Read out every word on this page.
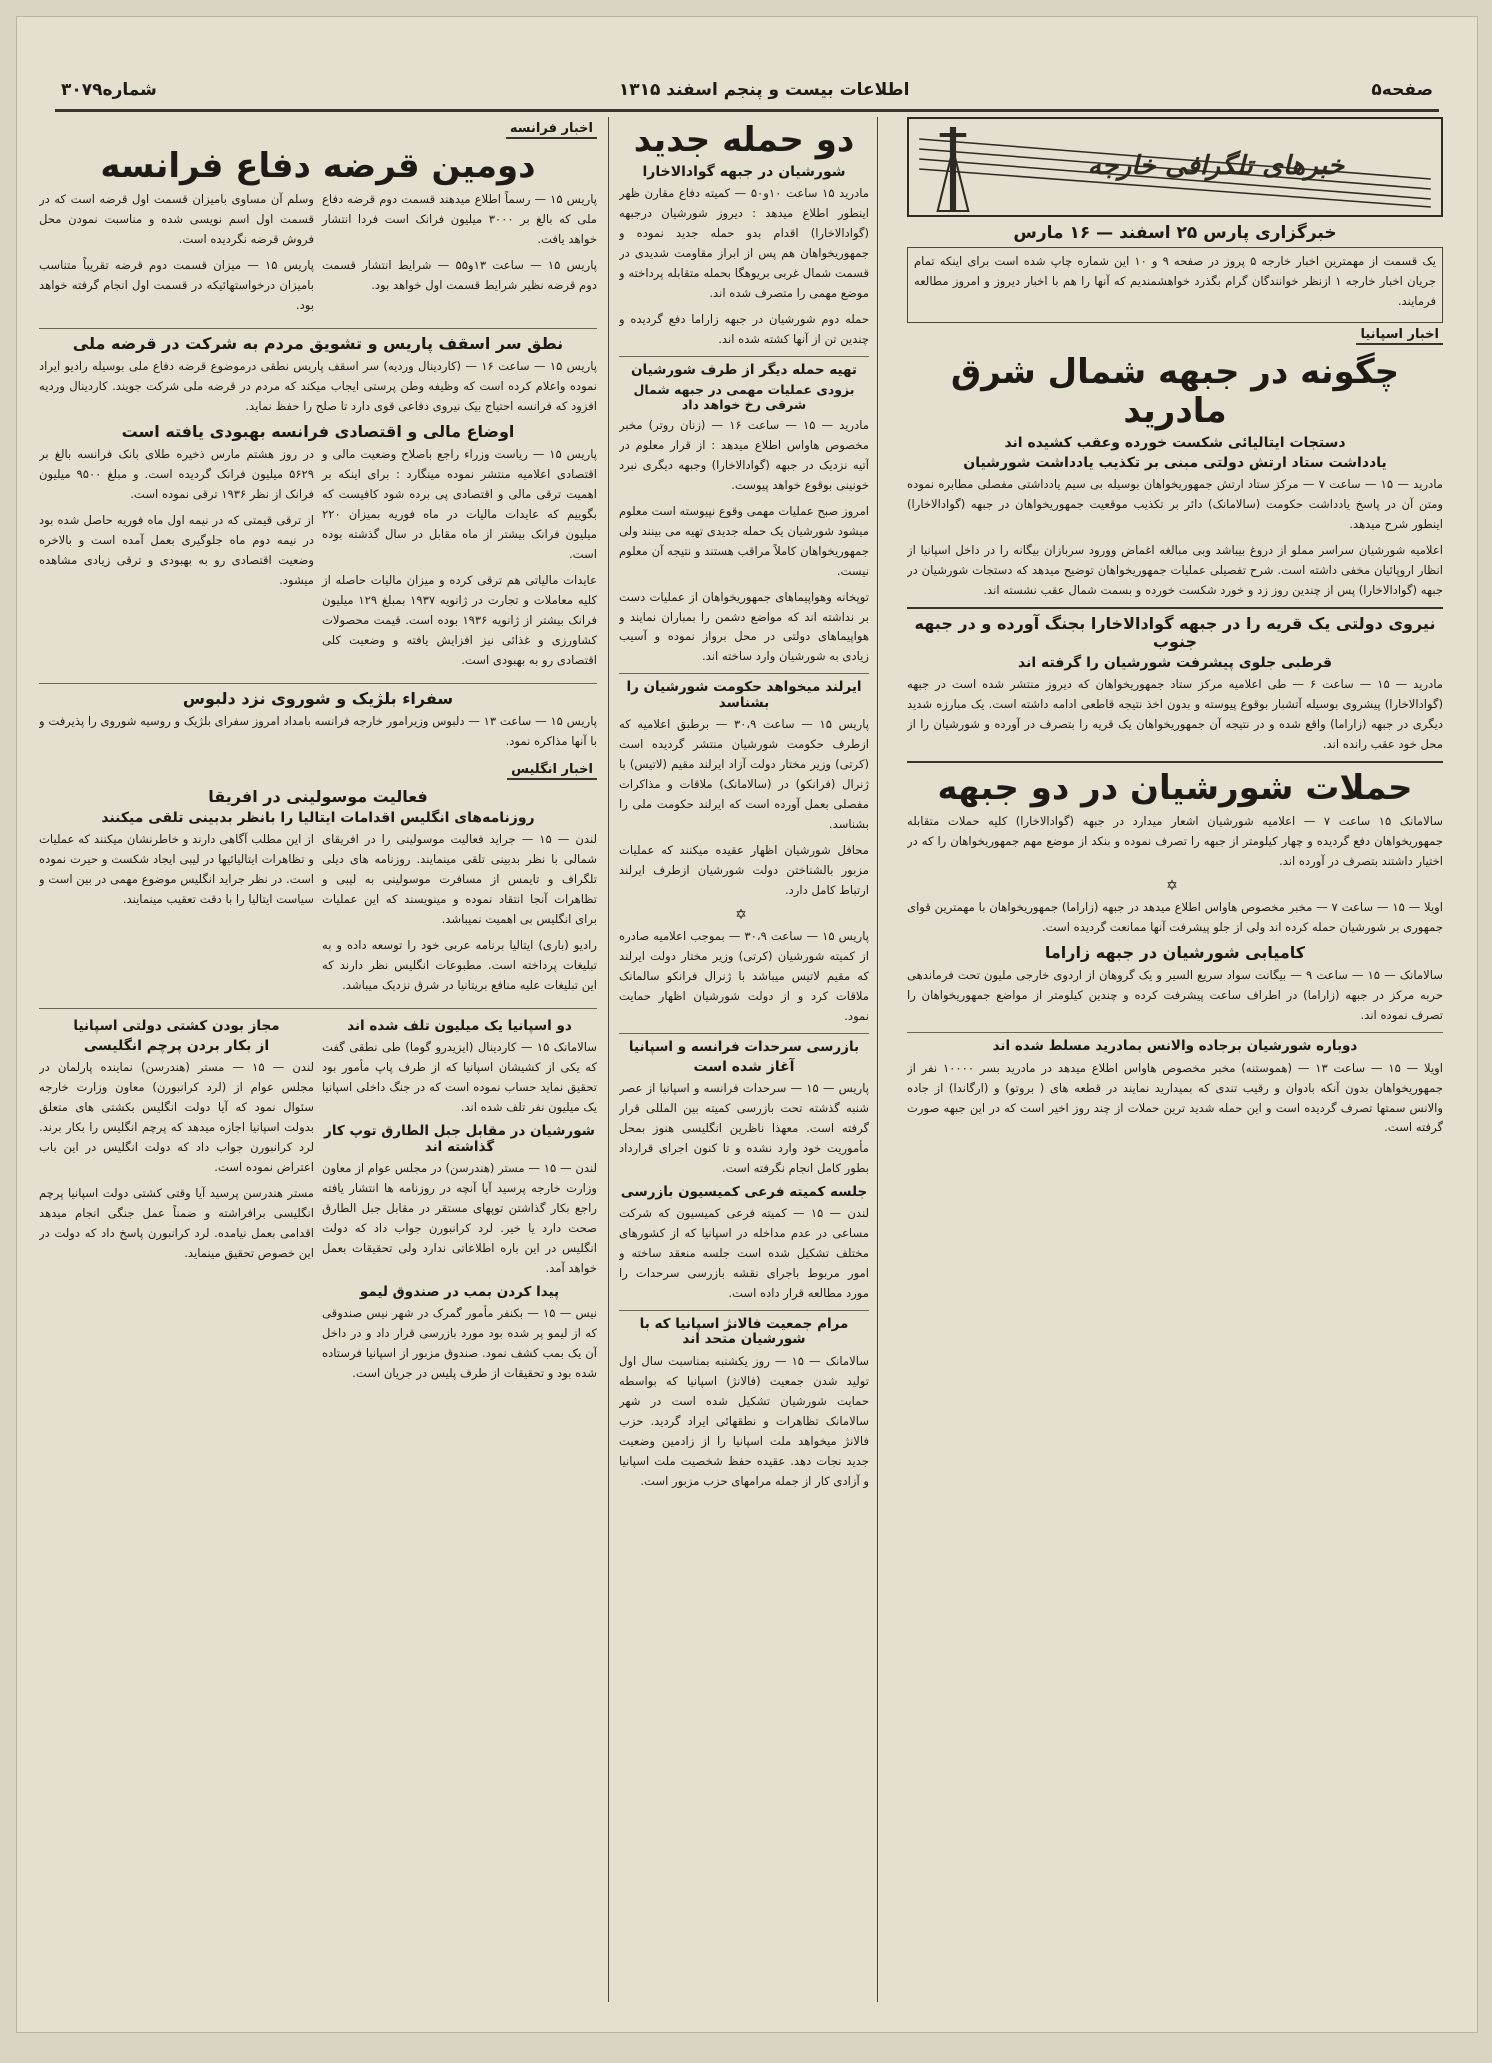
صفحه۵
اطلاعات بیست و پنجم اسفند ۱۳۱۵
شماره۳۰۷۹
خبرهای تلگرافی خارجه
خبرگزاری پارس ۲۵ اسفند — ۱۶ مارس

یک قسمت از مهمترین اخبار خارجه ۵ پروز در صفحه ۹ و ۱۰ این شماره چاپ شده است برای اینکه تمام جریان اخبار خارجه ۱ ازنظر خوانندگان گرام بگذرد خواهشمندیم که آنها را هم با اخبار دیروز و امروز مطالعه فرمایند.

اخبار اسپانیا
چگونه در جبهه شمال شرق مادرید
دستجات ایتالیائی شکست خورده وعقب کشیده اند
یادداشت ستاد ارتش دولتی مبنی بر تکذیب یادداشت شورشیان

مادرید — ۱۵ — ساعت ۷ — مرکز ستاد ارتش جمهوریخواهان بوسیله بی سیم یادداشتی مفصلی مطابره نموده ومتن آن در پاسخ یادداشت حکومت (سالامانک) دائر بر تکذیب موقعیت جمهوریخواهان در جبهه (گوادالاخارا) اینطور شرح میدهد.

اعلامیه شورشیان سراسر مملو از دروغ بیباشد وبی مبالغه اغماض وورود سربازان بیگانه را در داخل اسپانیا از انظار اروپائیان مخفی داشته است. شرح تفصیلی عملیات جمهوریخواهان توضیح میدهد که دستجات شورشیان در جبهه (گوادالاخارا) پس از چندین روز زد و خورد شکست خورده و بسمت شمال عقب نشسته اند.

نیروی دولتی یک قریه را در جبهه گوادالاخارا بجنگ آورده و در جبهه جنوب
قرطبی جلوی پیشرفت شورشیان را گرفته اند

مادرید — ۱۵ — ساعت ۶ — طی اعلامیه مرکز ستاد جمهوریخواهان که دیروز منتشر شده است در جبهه (گوادالاخارا) پیشروی بوسیله آتشبار بوقوع پیوسته و بدون اخذ نتیجه قاطعی ادامه داشته است. یک مبارزه شدید دیگری در جبهه (زاراما) واقع شده و در نتیجه آن جمهوریخواهان یک قریه را بتصرف در آورده و شورشیان را از محل خود عقب رانده اند.

حملات شورشیان در دو جبهه

سالامانک ۱۵ ساعت ۷ — اعلامیه شورشیان اشعار میدارد در جبهه (گوادالاخارا) کلیه حملات متقابله جمهوریخواهان دفع گردیده و چهار کیلومتر از جبهه را تصرف نموده و بنکد از موضع مهم جمهوریخواهان را که در اختیار داشتند بتصرف در آورده اند.

✡

اویلا — ۱۵ — ساعت ۷ — مخبر مخصوص هاواس اطلاع میدهد در جبهه (زاراما) جمهوریخواهان با مهمترین قوای جمهوری بر شورشیان حمله کرده اند ولی از جلو پیشرفت آنها ممانعت گردیده است.

کامیابی شورشیان در جبهه زاراما

سالامانک — ۱۵ — ساعت ۹ — بیگانت سواد سریع السیر و یک گروهان از اردوی خارجی ملیون تحت فرماندهی حربه مرکز در جبهه (زاراما) در اطراف ساعت پیشرفت کرده و چندین کیلومتر از مواضع جمهوریخواهان را تصرف نموده اند.

دوباره شورشیان برجاده والانس بمادرید مسلط شده اند

اویلا — ۱۵ — ساعت ۱۳ — (هموستنه) مخبر مخصوص هاواس اطلاع میدهد در مادرید بسر ۱۰۰۰۰ نفر از جمهوریخواهان بدون آنکه بادوان و رقیب تندی که بمیدارید نمایند در قطعه های ( بروتو) و (ارگاندا) از جاده والانس سمتها تصرف گردیده است و این حمله شدید ترین حملات از چند روز اخیر است که در این جبهه صورت گرفته است.

دو حمله جدید
شورشیان در جبهه گوادالاخارا

مادرید ۱۵ ساعت ۱۰و۵۰ — کمیته دفاع مقارن ظهر اینطور اطلاع میدهد : دیروز شورشیان درجبهه (گوادالاخارا) اقدام بدو حمله جدید نموده و جمهوریخواهان هم پس از ابراز مقاومت شدیدی در قسمت شمال غربی بریوهگا بحمله متقابله پرداخته و موضع مهمی را متصرف شده اند.

حمله دوم شورشیان در جبهه زاراما دفع گردیده و چندین تن از آنها کشته شده اند.

تهیه حمله دیگر از طرف شورشیان
بزودی عملیات مهمی در جبهه شمال شرقی رخ خواهد داد

مادرید — ۱۵ — ساعت ۱۶ — (زنان روتر) مخبر مخصوص هاواس اطلاع میدهد : از قرار معلوم در آتیه نزدیک در جبهه (گوادالاخارا) وجبهه دیگری نبرد خونینی بوقوع خواهد پیوست.

امروز صبح عملیات مهمی وقوع نپیوسته است معلوم میشود شورشیان یک حمله جدیدی تهیه می بینند ولی جمهوریخواهان کاملاً مراقب هستند و نتیجه آن معلوم نیست.

توپخانه وهواپیماهای جمهوریخواهان از عملیات دست بر نداشته اند که مواضع دشمن را بمباران نمایند و هواپیماهای دولتی در محل برواز نموده و آسیب زیادی به شورشیان وارد ساخته اند.

ایرلند میخواهد حکومت شورشیان را بشناسد

پاریس ۱۵ — ساعت ۳۰،۹ — برطبق اعلامیه که ازطرف حکومت شورشیان منتشر گردیده است (کرتی) وزیر مختار دولت آزاد ایرلند مقیم (لاتیس) با ژنرال (فرانکو) در (سالامانک) ملاقات و مذاکرات مفصلی بعمل آورده است که ایرلند حکومت ملی را بشناسد.

محافل شورشیان اظهار عقیده میکنند که عملیات مزبور بالشناختن دولت شورشیان ازطرف ایرلند ارتباط کامل دارد.

✡

پاریس ۱۵ — ساعت ۳۰،۹ — بموجب اعلامیه صادره از کمیته شورشیان (کرتی) وزیر مختار دولت ایرلند که مقیم لاتیس میباشد با ژنرال فرانکو سالمانک ملاقات کرد و از دولت شورشیان اظهار حمایت نمود.

بازرسی سرحدات فرانسه و اسپانیا
آغاز شده است

پاریس — ۱۵ — سرحدات فرانسه و اسپانیا از عصر شنبه گذشته تحت بازرسی کمیته بین المللی قرار گرفته است. معهذا ناظرین انگلیسی هنوز بمحل مأموریت خود وارد نشده و تا کنون اجرای قرارداد بطور کامل انجام نگرفته است.

جلسه کمیته فرعی کمیسیون بازرسی

لندن — ۱۵ — کمیته فرعی کمیسیون که شرکت مساعی در عدم مداخله در اسپانیا که از کشورهای مختلف تشکیل شده است جلسه منعقد ساخته و امور مربوط باجرای نقشه بازرسی سرحدات را مورد مطالعه قرار داده است.

مرام جمعیت فالانژ اسپانیا که با شورشیان متحد اند

سالامانک — ۱۵ — روز یکشنبه بمناسبت سال اول تولید شدن جمعیت (فالانژ) اسپانیا که بواسطه حمایت شورشیان تشکیل شده است در شهر سالامانک تظاهرات و نطقهائی ایراد گردید. حزب فالانژ میخواهد ملت اسپانیا را از زادمین وضعیت جدید نجات دهد. عقیده حفظ شخصیت ملت اسپانیا و آزادی کار از جمله مرامهای حزب مزبور است.

اخبار فرانسه
دومین قرضه دفاع فرانسه

پاریس ۱۵ — رسماً اطلاع میدهند قسمت دوم قرضه دفاع ملی که بالغ بر ۳۰۰۰ میلیون فرانک است فردا انتشار خواهد یافت.

پاریس ۱۵ — ساعت ۱۳و۵۵ — شرایط انتشار قسمت دوم قرضه نظیر شرایط قسمت اول خواهد بود.

وسلم آن مساوی بامیزان قسمت اول قرضه است که در قسمت اول اسم نویسی شده و مناسبت نمودن محل فروش قرضه نگردیده است.

پاریس ۱۵ — میزان قسمت دوم قرضه تقریباً متناسب بامیزان درخواستهائیکه در قسمت اول انجام گرفته خواهد بود.

نطق سر اسقف پاریس و تشویق مردم به شرکت در قرضه ملی

پاریس ۱۵ — ساعت ۱۶ — (کاردینال وردیه) سر اسقف پاریس نطقی درموضوع قرضه دفاع ملی بوسیله رادیو ایراد نموده واعلام کرده است که وظیفه وطن پرستی ایجاب میکند که مردم در قرضه ملی شرکت جویند. کاردینال وردیه افزود که فرانسه احتیاج بیک نیروی دفاعی قوی دارد تا صلح را حفظ نماید.

اوضاع مالی و اقتصادی فرانسه بهبودی یافته است

پاریس ۱۵ — ریاست وزراء راجع باصلاح وضعیت مالی و اقتصادی اعلامیه منتشر نموده مینگارد : برای اینکه بر اهمیت ترقی مالی و اقتصادی پی برده شود کافیست که بگوییم که عایدات مالیات در ماه فوریه بمیزان ۲۲۰ میلیون فرانک بیشتر از ماه مقابل در سال گذشته بوده است.

عایدات مالیاتی هم ترقی کرده و میزان مالیات حاصله از کلیه معاملات و تجارت در ژانویه ۱۹۳۷ بمبلغ ۱۲۹ میلیون فرانک بیشتر از ژانویه ۱۹۳۶ بوده است. قیمت محصولات کشاورزی و غذائی نیز افزایش یافته و وضعیت کلی اقتصادی رو به بهبودی است.

در روز هشتم مارس ذخیره طلای بانک فرانسه بالغ بر ۵۶۲۹ میلیون فرانک گردیده است. و مبلغ ۹۵۰۰ میلیون فرانک از نظر ۱۹۳۶ ترقی نموده است.

از ترقی قیمتی که در نیمه اول ماه فوریه حاصل شده بود در نیمه دوم ماه جلوگیری بعمل آمده است و بالاخره وضعیت اقتصادی رو به بهبودی و ترقی زیادی مشاهده میشود.

سفراء بلژیک و شوروی نزد دلبوس

پاریس ۱۵ — ساعت ۱۳ — دلبوس وزیرامور خارجه فرانسه بامداد امروز سفرای بلژیک و روسیه شوروی را پذیرفت و با آنها مذاکره نمود.

اخبار انگلیس
فعالیت موسولینی در افریقا
روزنامه‌های انگلیس اقدامات ایتالیا را بانظر بدبینی تلقی میکنند

لندن — ۱۵ — جراید فعالیت موسولینی را در افریقای شمالی با نظر بدبینی تلقی مینمایند. روزنامه های دیلی تلگراف و تایمس از مسافرت موسولینی به لیبی و تظاهرات آنجا انتقاد نموده و مینویسند که این عملیات برای انگلیس بی اهمیت نمیباشد.

رادیو (باری) ایتالیا برنامه عربی خود را توسعه داده و به تبلیغات پرداخته است. مطبوعات انگلیس نظر دارند که این تبلیغات علیه منافع بریتانیا در شرق نزدیک میباشد.

از این مطلب آگاهی دارند و خاطرنشان میکنند که عملیات و تظاهرات ایتالیائیها در لیبی ایجاد شکست و حیرت نموده است. در نظر جراید انگلیس موضوع مهمی در بین است و سیاست ایتالیا را با دقت تعقیب مینمایند.

دو اسپانیا یک میلیون تلف شده اند

سالامانک ۱۵ — کاردینال (ایزیدرو گوما) طی نطقی گفت که یکی از کشیشان اسپانیا که از طرف پاپ مأمور بود تحقیق نماید حساب نموده است که در جنگ داخلی اسپانیا یک میلیون نفر تلف شده اند.

شورشیان در مقابل جبل الطارق توپ کار گذاشته اند

لندن — ۱۵ — مستر (هندرسن) در مجلس عوام از معاون وزارت خارجه پرسید آیا آنچه در روزنامه ها انتشار یافته راجع بکار گذاشتن توپهای مستقر در مقابل جبل الطارق صحت دارد یا خیر. لرد کرانبورن جواب داد که دولت انگلیس در این باره اطلاعاتی ندارد ولی تحقیقات بعمل خواهد آمد.

پیدا کردن بمب در صندوق لیمو

نیس — ۱۵ — بکنفر مأمور گمرک در شهر نیس صندوقی که از لیمو پر شده بود مورد بازرسی قرار داد و در داخل آن یک بمب کشف نمود. صندوق مزبور از اسپانیا فرستاده شده بود و تحقیقات از طرف پلیس در جریان است.

مجاز بودن کشتی دولتی اسپانیا
از بکار بردن پرچم انگلیسی

لندن — ۱۵ — مستر (هندرسن) نماینده پارلمان در مجلس عوام از (لرد کرانبورن) معاون وزارت خارجه سئوال نمود که آیا دولت انگلیس بکشتی های متعلق بدولت اسپانیا اجازه میدهد که پرچم انگلیس را بکار برند. لرد کرانبورن جواب داد که دولت انگلیس در این باب اعتراض نموده است.

مستر هندرسن پرسید آیا وقتی کشتی دولت اسپانیا پرچم انگلیسی برافراشته و ضمناً عمل جنگی انجام میدهد اقدامی بعمل نیامده. لرد کرانبورن پاسخ داد که دولت در این خصوص تحقیق مینماید.
